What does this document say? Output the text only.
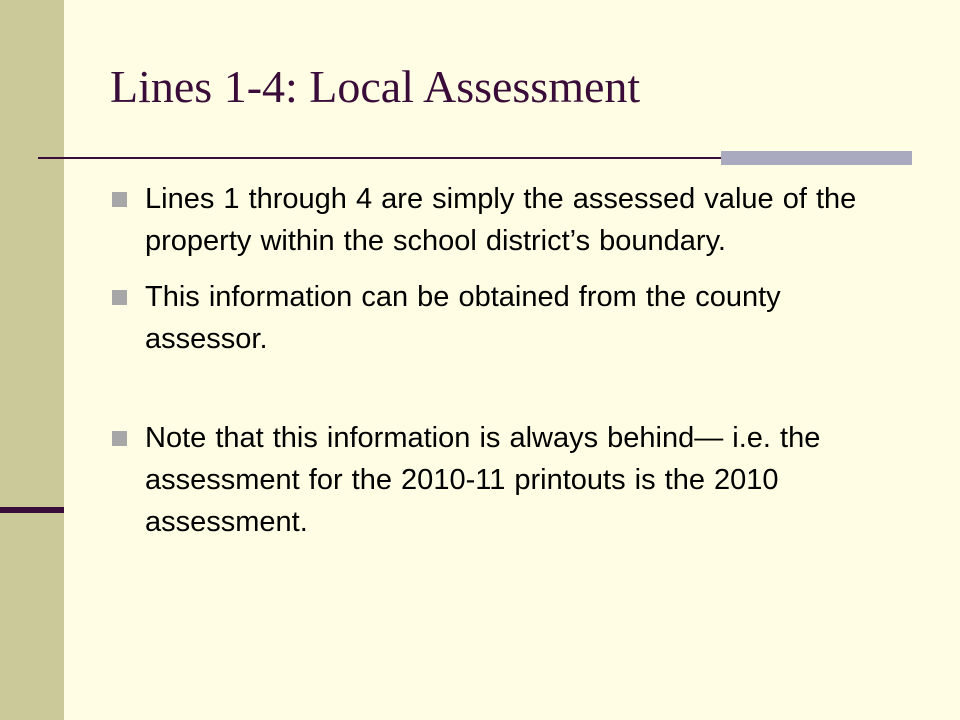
Lines 1-4: Local Assessment
Lines 1 through 4 are simply the assessed value of the property within the school district’s boundary.
This information can be obtained from the county assessor.
Note that this information is always behind— i.e. the assessment for the 2010-11 printouts is the 2010 assessment.
